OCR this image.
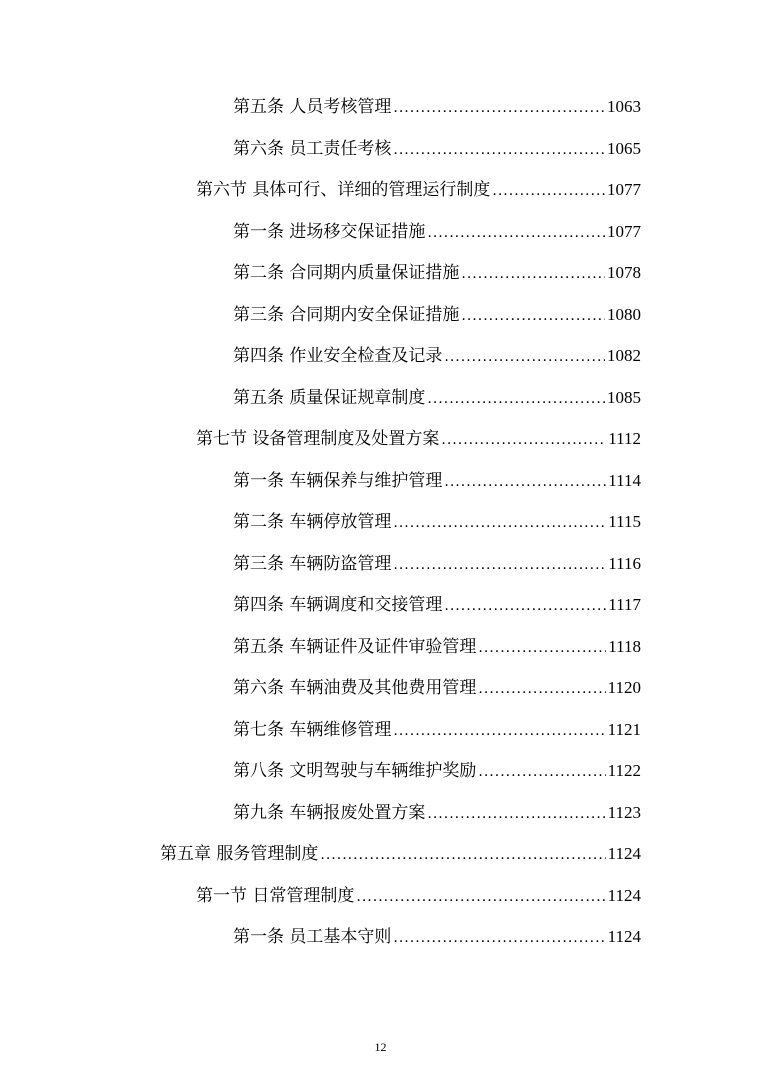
第五条 人员考核管理 .....	1063
第六条 员工责任考核 .....	1065
第六节 具体可行、详细的管理运行制度 .....	1077
第一条 进场移交保证措施 .....	1077
第二条 合同期内质量保证措施 .....	1078
第三条 合同期内安全保证措施 .....	1080
第四条 作业安全检查及记录 .....	1082
第五条 质量保证规章制度 .....	1085
第七节 设备管理制度及处置方案 .....	1112
第一条 车辆保养与维护管理 .....	1114
第二条 车辆停放管理 .....	1115
第三条 车辆防盗管理 .....	1116
第四条 车辆调度和交接管理 .....	1117
第五条 车辆证件及证件审验管理 .....	1118
第六条 车辆油费及其他费用管理 .....	1120
第七条 车辆维修管理 .....	1121
第八条 文明驾驶与车辆维护奖励 .....	1122
第九条 车辆报废处置方案 .....	1123
第五章 服务管理制度 .....	1124
第一节 日常管理制度 .....	1124
第一条 员工基本守则 .....	1124
12
